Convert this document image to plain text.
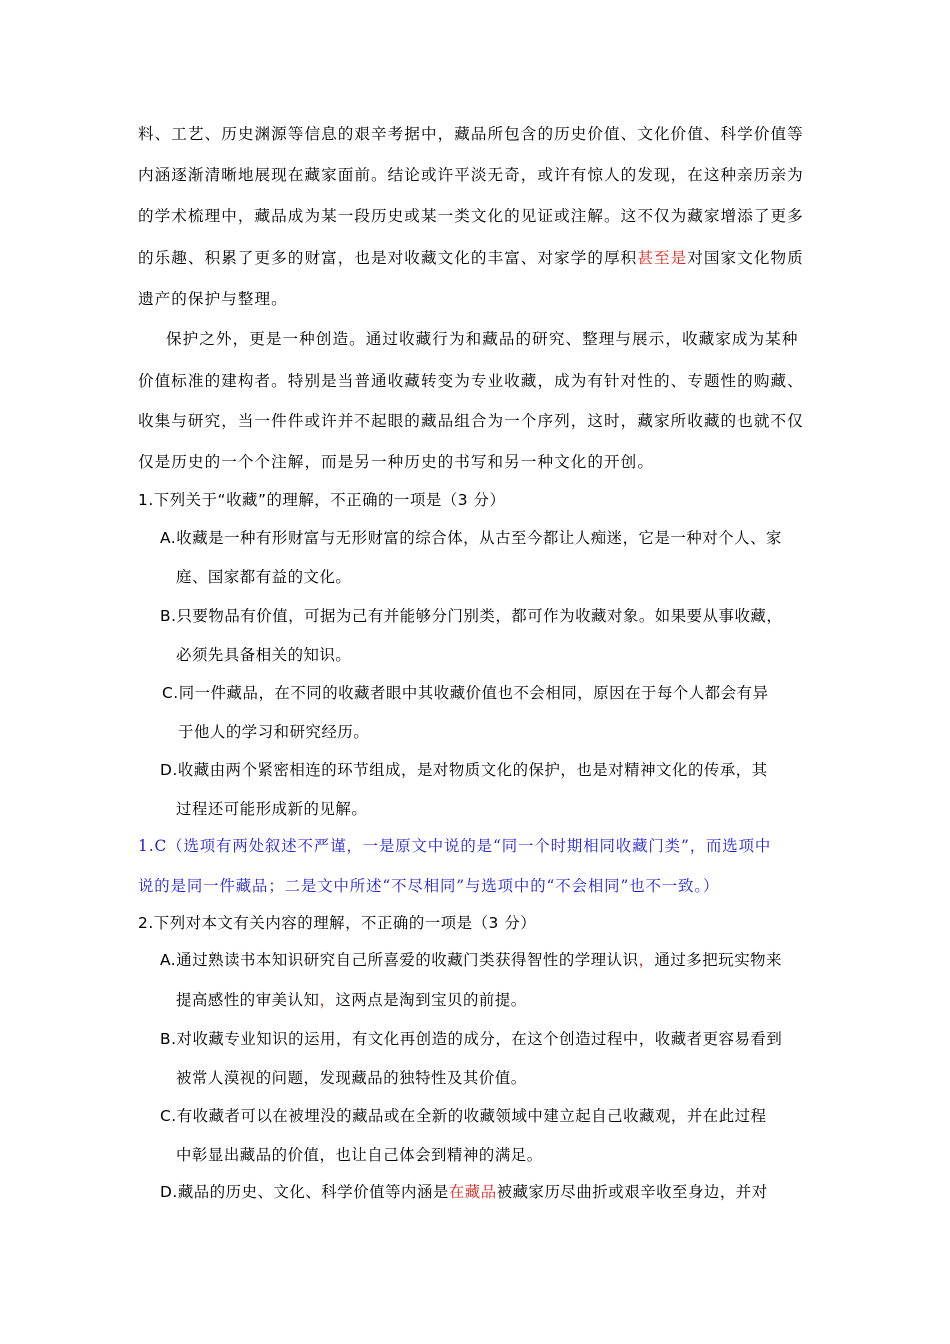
料、工艺、历史渊源等信息的艰辛考据中，藏品所包含的历史价值、文化价值、科学价值等
内涵逐渐清晰地展现在藏家面前。结论或许平淡无奇，或许有惊人的发现，在这种亲历亲为
的学术梳理中，藏品成为某一段历史或某一类文化的见证或注解。这不仅为藏家增添了更多
的乐趣、积累了更多的财富，也是对收藏文化的丰富、对家学的厚积甚至是对国家文化物质
遗产的保护与整理。
保护之外，更是一种创造。通过收藏行为和藏品的研究、整理与展示，收藏家成为某种
价值标准的建构者。特别是当普通收藏转变为专业收藏，成为有针对性的、专题性的购藏、
收集与研究，当一件件或许并不起眼的藏品组合为一个序列，这时，藏家所收藏的也就不仅
仅是历史的一个个注解，而是另一种历史的书写和另一种文化的开创。
1.下列关于“收藏”的理解，不正确的一项是（3 分）
A.收藏是一种有形财富与无形财富的综合体，从古至今都让人痴迷，它是一种对个人、家
庭、国家都有益的文化。
B.只要物品有价值，可据为己有并能够分门别类，都可作为收藏对象。如果要从事收藏，
必须先具备相关的知识。
C.同一件藏品，在不同的收藏者眼中其收藏价值也不会相同，原因在于每个人都会有异
于他人的学习和研究经历。
D.收藏由两个紧密相连的环节组成，是对物质文化的保护，也是对精神文化的传承，其
过程还可能形成新的见解。
1.C（选项有两处叙述不严谨，一是原文中说的是“同一个时期相同收藏门类”，而选项中
说的是同一件藏品；二是文中所述“不尽相同”与选项中的“不会相同”也不一致。）
2.下列对本文有关内容的理解，不正确的一项是（3 分）
A.通过熟读书本知识研究自己所喜爱的收藏门类获得智性的学理认识，通过多把玩实物来
提高感性的审美认知，这两点是淘到宝贝的前提。
B.对收藏专业知识的运用，有文化再创造的成分，在这个创造过程中，收藏者更容易看到
被常人漠视的问题，发现藏品的独特性及其价值。
C.有收藏者可以在被埋没的藏品或在全新的收藏领域中建立起自己收藏观，并在此过程
中彰显出藏品的价值，也让自己体会到精神的满足。
D.藏品的历史、文化、科学价值等内涵是在藏品被藏家历尽曲折或艰辛收至身边，并对
